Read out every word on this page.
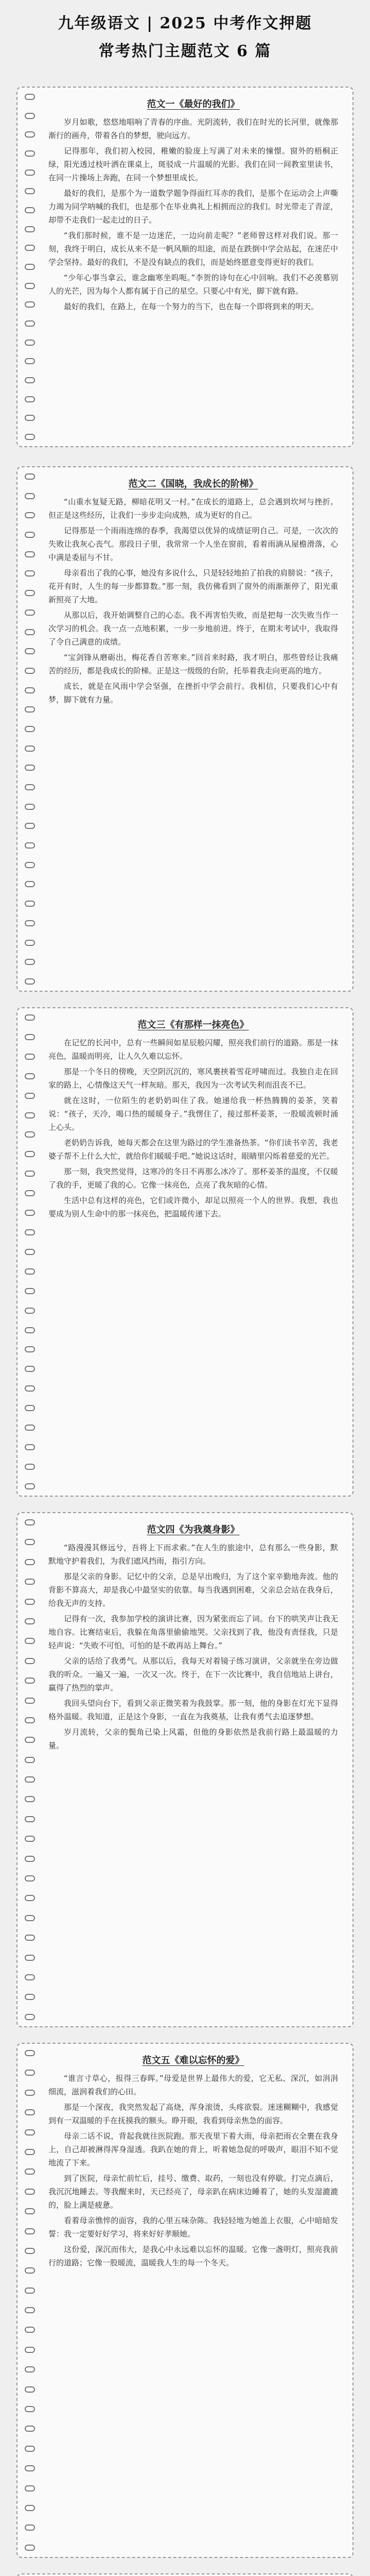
九年级语文 | 2025 中考作文押题
常考热门主题范文 6 篇
范文一《最好的我们》

岁月如歌，悠悠地唱响了青春的序曲。光阴流转，我们在时光的长河里，就像那渐行的画舟，带着各自的梦想，驶向远方。

记得那年，我们初入校园，稚嫩的脸庞上写满了对未来的憧憬。窗外的梧桐正绿，阳光透过枝叶洒在课桌上，斑驳成一片温暖的光影。我们在同一间教室里读书，在同一片操场上奔跑，在同一个梦想里成长。

最好的我们，是那个为一道数学题争得面红耳赤的我们，是那个在运动会上声嘶力竭为同学呐喊的我们，也是那个在毕业典礼上相拥而泣的我们。时光带走了青涩，却带不走我们一起走过的日子。

“我们那时候，谁不是一边迷茫，一边向前走呢？”老师曾这样对我们说。那一刻，我终于明白，成长从来不是一帆风顺的坦途，而是在跌倒中学会站起，在迷茫中学会坚持。最好的我们，不是没有缺点的我们，而是始终愿意变得更好的我们。

“少年心事当拿云，谁念幽寒坐呜呃。”李贺的诗句在心中回响。我们不必羡慕别人的光芒，因为每个人都有属于自己的星空。只要心中有光，脚下就有路。

最好的我们，在路上，在每一个努力的当下，也在每一个即将到来的明天。

范文二《国晓，我成长的阶梯》

“山重水复疑无路，柳暗花明又一村。”在成长的道路上，总会遇到坎坷与挫折。但正是这些经历，让我们一步步走向成熟，成为更好的自己。

记得那是一个雨雨连绵的春季，我渴望以优异的成绩证明自己。可是，一次次的失败让我灰心丧气。那段日子里，我常常一个人坐在窗前，看着雨滴从屋檐滑落，心中满是委屈与不甘。

母亲看出了我的心事，她没有多说什么，只是轻轻地拍了拍我的肩膀说：“孩子，花开有时，人生的每一步都算数。”那一刻，我仿佛看到了窗外的雨渐渐停了，阳光重新照亮了大地。

从那以后，我开始调整自己的心态。我不再害怕失败，而是把每一次失败当作一次学习的机会。我一点一点地积累，一步一步地前进。终于，在期末考试中，我取得了令自己满意的成绩。

“宝剑锋从磨砺出，梅花香自苦寒来。”回首来时路，我才明白，那些曾经让我痛苦的经历，都是我成长的阶梯。正是这一级级的台阶，托举着我走向更高的地方。

成长，就是在风雨中学会坚强，在挫折中学会前行。我相信，只要我们心中有梦，脚下就有力量。

范文三《有那样一抹亮色》

在记忆的长河中，总有一些瞬间如星辰般闪耀，照亮我们前行的道路。那是一抹亮色，温暖而明亮，让人久久难以忘怀。

那是一个冬日的傍晚，天空阴沉沉的，寒风裹挟着雪花呼啸而过。我独自走在回家的路上，心情像这天气一样灰暗。那天，我因为一次考试失利而沮丧不已。

就在这时，一位陌生的老奶奶叫住了我。她递给我一杯热腾腾的姜茶，笑着说：“孩子，天冷，喝口热的暖暖身子。”我愣住了，接过那杯姜茶，一股暖流顿时涌上心头。

老奶奶告诉我，她每天都会在这里为路过的学生准备热茶。“你们读书辛苦，我老婆子帮不上什么大忙，就给你们暖暖手吧。”她说这话时，眼睛里闪烁着慈爱的光芒。

那一刻，我突然觉得，这寒冷的冬日不再那么冰冷了。那杯姜茶的温度，不仅暖了我的手，更暖了我的心。它像一抹亮色，点亮了我灰暗的心情。

生活中总有这样的亮色，它们或许微小，却足以照亮一个人的世界。我想，我也要成为别人生命中的那一抹亮色，把温暖传递下去。

范文四《为我奠身影》

“路漫漫其修远兮，吾将上下而求索。”在人生的旅途中，总有那么一些身影，默默地守护着我们，为我们遮风挡雨，指引方向。

那是父亲的身影。记忆中的父亲，总是早出晚归，为了这个家辛勤地奔波。他的背影不算高大，却是我心中最坚实的依靠。每当我遇到困难，父亲总会站在我身后，给我无声的支持。

记得有一次，我参加学校的演讲比赛，因为紧张而忘了词。台下的哄笑声让我无地自容。比赛结束后，我躲在角落里偷偷地哭。父亲找到了我，他没有责怪我，只是轻声说：“失败不可怕，可怕的是不敢再站上舞台。”

父亲的话给了我勇气。从那以后，我每天对着镜子练习演讲，父亲就坐在旁边做我的听众。一遍又一遍，一次又一次。终于，在下一次比赛中，我自信地站上讲台，赢得了热烈的掌声。

我回头望向台下，看到父亲正微笑着为我鼓掌。那一刻，他的身影在灯光下显得格外温暖。我知道，正是这个身影，一直在为我奠基，让我有勇气去追逐梦想。

岁月流转，父亲的鬓角已染上风霜，但他的身影依然是我前行路上最温暖的力量。

范文五《难以忘怀的爱》

“谁言寸草心，报得三春晖。”母爱是世界上最伟大的爱，它无私、深沉，如涓涓细流，滋润着我们的心田。

那是一个深夜，我突然发起了高烧，浑身滚烫，头疼欲裂。迷迷糊糊中，我感觉到有一双温暖的手在抚摸我的额头。睁开眼，我看到母亲焦急的面容。

母亲二话不说，背起我就往医院跑。那天夜里下着大雨，母亲把雨衣全裹在我身上，自己却被淋得浑身湿透。我趴在她的背上，听着她急促的呼吸声，眼泪不知不觉地流了下来。

到了医院，母亲忙前忙后，挂号、缴费、取药，一刻也没有停歇。打完点滴后，我沉沉地睡去。等我醒来时，天已经亮了，母亲趴在病床边睡着了，她的头发湿漉漉的，脸上满是疲惫。

看着母亲憔悴的面容，我的心里五味杂陈。我轻轻地为她盖上衣服，心中暗暗发誓：我一定要好好学习，将来好好孝顺她。

这份爱，深沉而伟大，是我心中永远难以忘怀的温暖。它像一盏明灯，照亮我前行的道路；它像一股暖流，温暖我人生的每一个冬天。
